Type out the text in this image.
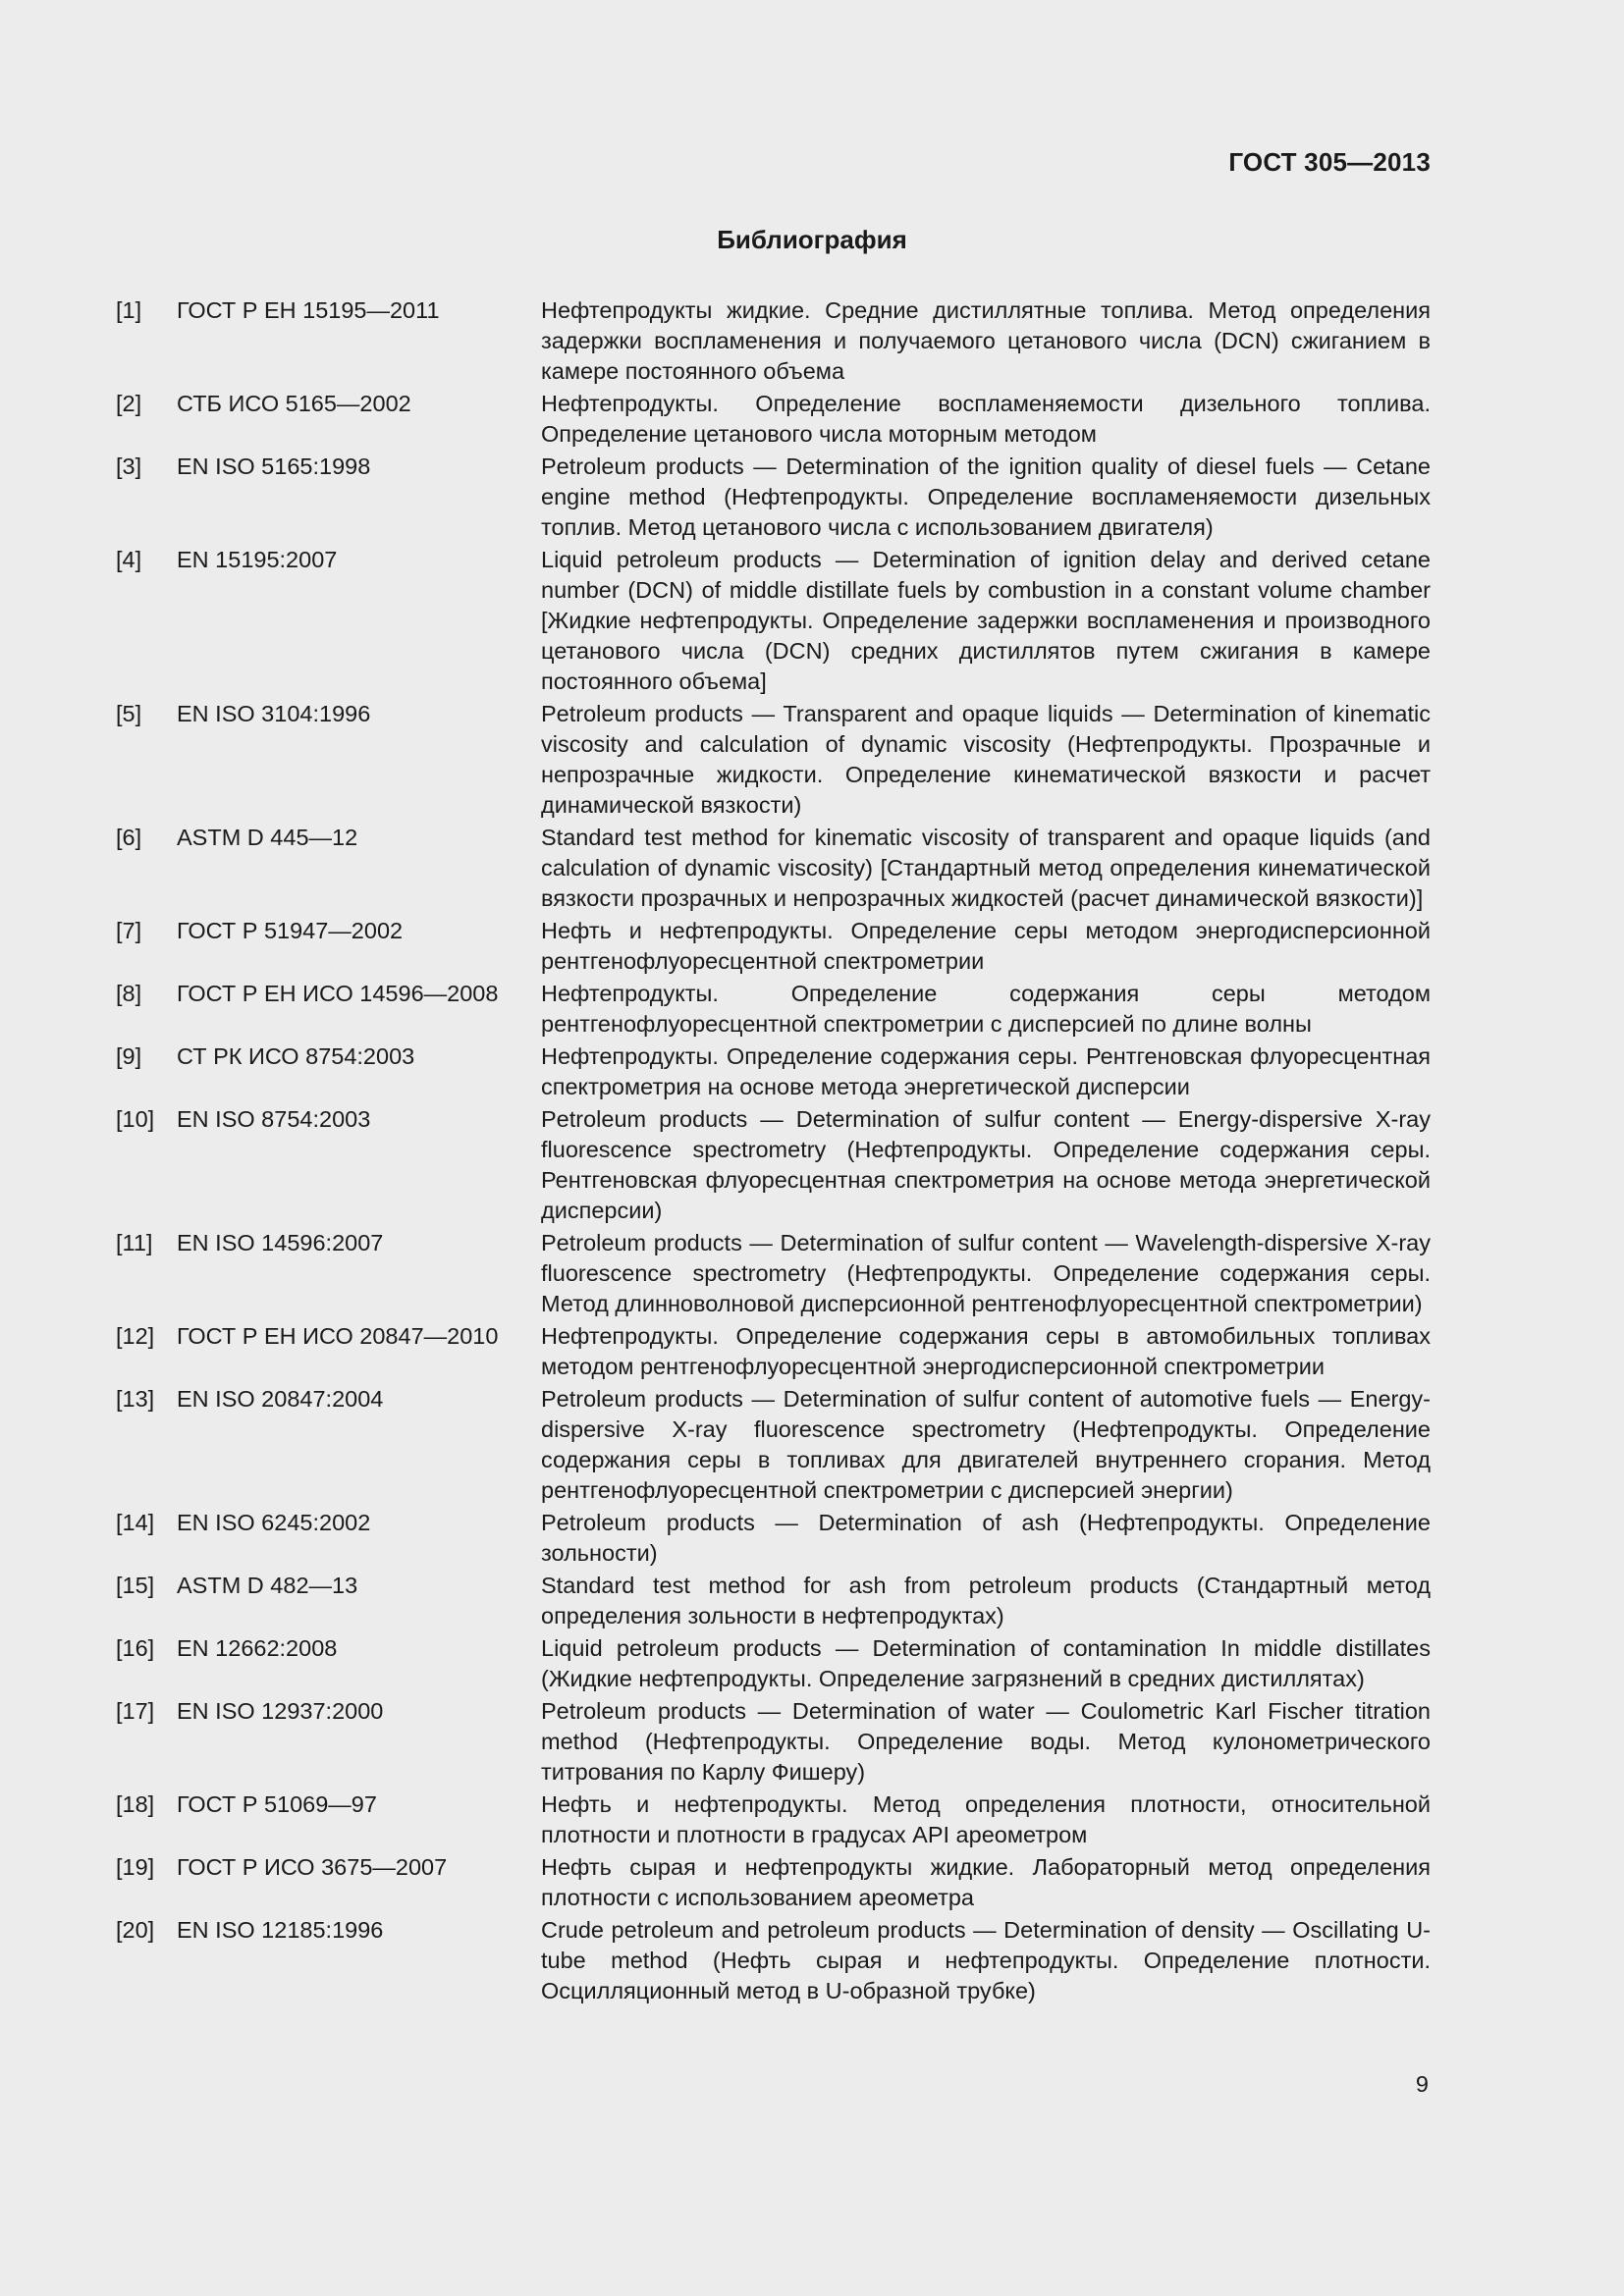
ГОСТ 305—2013
Библиография
[1]	ГОСТ Р ЕН 15195—2011	Нефтепродукты жидкие. Средние дистиллятные топлива. Метод определения задержки воспламенения и получаемого цетанового числа (DCN) сжиганием в камере постоянного объема
[2]	СТБ ИСО 5165—2002	Нефтепродукты. Определение воспламеняемости дизельного топлива. Определение цетанового числа моторным методом
[3]	EN ISO 5165:1998	Petroleum products — Determination of the ignition quality of diesel fuels — Cetane engine method (Нефтепродукты. Определение воспламеняемости дизельных топлив. Метод цетанового числа с использованием двигателя)
[4]	EN 15195:2007	Liquid petroleum products — Determination of ignition delay and derived cetane number (DCN) of middle distillate fuels by combustion in a constant volume chamber [Жидкие нефтепродукты. Определение задержки воспламенения и производного цетанового числа (DCN) средних дистиллятов путем сжигания в камере постоянного объема]
[5]	EN ISO 3104:1996	Petroleum products — Transparent and opaque liquids — Determination of kinematic viscosity and calculation of dynamic viscosity (Нефтепродукты. Прозрачные и непрозрачные жидкости. Определение кинематической вязкости и расчет динамической вязкости)
[6]	ASTM D 445—12	Standard test method for kinematic viscosity of transparent and opaque liquids (and calculation of dynamic viscosity) [Стандартный метод определения кинематической вязкости прозрачных и непрозрачных жидкостей (расчет динамической вязкости)]
[7]	ГОСТ Р 51947—2002	Нефть и нефтепродукты. Определение серы методом энергодисперсионной рентгенофлуоресцентной спектрометрии
[8]	ГОСТ Р ЕН ИСО 14596—2008	Нефтепродукты. Определение содержания серы методом рентгенофлуоресцентной спектрометрии с дисперсией по длине волны
[9]	СТ РК ИСО 8754:2003	Нефтепродукты. Определение содержания серы. Рентгеновская флуоресцентная спектрометрия на основе метода энергетической дисперсии
[10] EN ISO 8754:2003	Petroleum products — Determination of sulfur content — Energy-dispersive X-ray fluorescence spectrometry (Нефтепродукты. Определение содержания серы. Рентгеновская флуоресцентная спектрометрия на основе метода энергетической дисперсии)
[11]	EN ISO 14596:2007	Petroleum products — Determination of sulfur content — Wavelength-dispersive X-ray fluorescence spectrometry (Нефтепродукты. Определение содержания серы. Метод длинноволновой дисперсионной рентгенофлуоресцентной спектрометрии)
[12] ГОСТ Р ЕН ИСО 20847—2010	Нефтепродукты. Определение содержания серы в автомобильных топливах методом рентгенофлуоресцентной энергодисперсионной спектрометрии
[13] EN ISO 20847:2004	Petroleum products — Determination of sulfur content of automotive fuels — Energy-dispersive X-ray fluorescence spectrometry (Нефтепродукты. Определение содержания серы в топливах для двигателей внутреннего сгорания. Метод рентгенофлуоресцентной спектрометрии с дисперсией энергии)
[14] EN ISO 6245:2002	Petroleum products — Determination of ash (Нефтепродукты. Определение зольности)
[15] ASTM D 482—13	Standard test method for ash from petroleum products (Стандартный метод определения зольности в нефтепродуктах)
[16] EN 12662:2008	Liquid petroleum products — Determination of contamination In middle distillates (Жидкие нефтепродукты. Определение загрязнений в средних дистиллятах)
[17] EN ISO 12937:2000	Petroleum products — Determination of water — Coulometric Karl Fischer titration method (Нефтепродукты. Определение воды. Метод кулонометрического титрования по Карлу Фишеру)
[18] ГОСТ Р 51069—97	Нефть и нефтепродукты. Метод определения плотности, относительной плотности и плотности в градусах API ареометром
[19] ГОСТ Р ИСО 3675—2007	Нефть сырая и нефтепродукты жидкие. Лабораторный метод определения плотности с использованием ареометра
[20] EN ISO 12185:1996	Crude petroleum and petroleum products — Determination of density — Oscillating U-tube method (Нефть сырая и нефтепродукты. Определение плотности. Осцилляционный метод в U-образной трубке)
9
